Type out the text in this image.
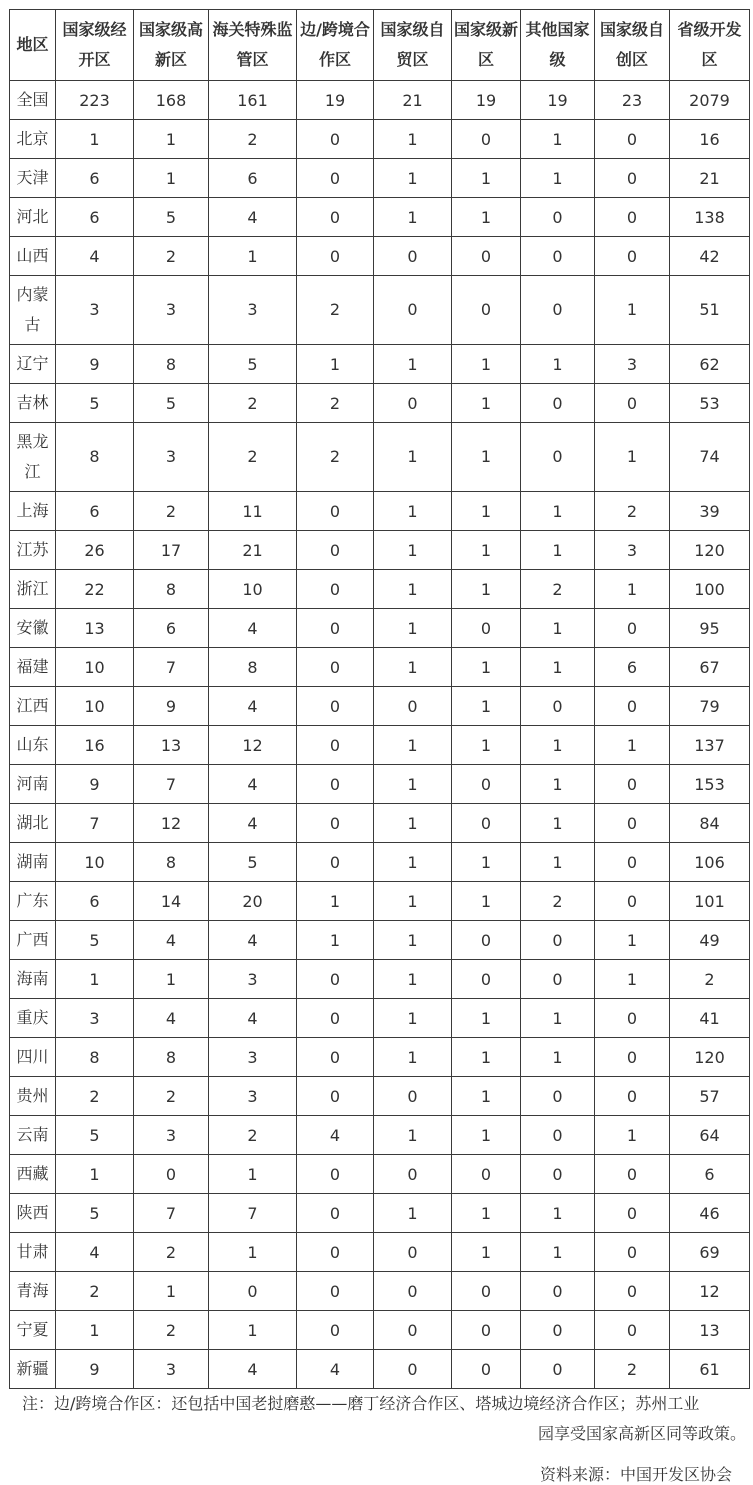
地区	国家级经开区	国家级高新区	海关特殊监管区	边/跨境合作区	国家级自贸区	国家级新区	其他国家级	国家级自创区	省级开发区
全国	223	168	161	19	21	19	19	23	2079
北京	1	1	2	0	1	0	1	0	16
天津	6	1	6	0	1	1	1	0	21
河北	6	5	4	0	1	1	0	0	138
山西	4	2	1	0	0	0	0	0	42
内蒙古	3	3	3	2	0	0	0	1	51
辽宁	9	8	5	1	1	1	1	3	62
吉林	5	5	2	2	0	1	0	0	53
黑龙江	8	3	2	2	1	1	0	1	74
上海	6	2	11	0	1	1	1	2	39
江苏	26	17	21	0	1	1	1	3	120
浙江	22	8	10	0	1	1	2	1	100
安徽	13	6	4	0	1	0	1	0	95
福建	10	7	8	0	1	1	1	6	67
江西	10	9	4	0	0	1	0	0	79
山东	16	13	12	0	1	1	1	1	137
河南	9	7	4	0	1	0	1	0	153
湖北	7	12	4	0	1	0	1	0	84
湖南	10	8	5	0	1	1	1	0	106
广东	6	14	20	1	1	1	2	0	101
广西	5	4	4	1	1	0	0	1	49
海南	1	1	3	0	1	0	0	1	2
重庆	3	4	4	0	1	1	1	0	41
四川	8	8	3	0	1	1	1	0	120
贵州	2	2	3	0	0	1	0	0	57
云南	5	3	2	4	1	1	0	1	64
西藏	1	0	1	0	0	0	0	0	6
陕西	5	7	7	0	1	1	1	0	46
甘肃	4	2	1	0	0	1	1	0	69
青海	2	1	0	0	0	0	0	0	12
宁夏	1	2	1	0	0	0	0	0	13
新疆	9	3	4	4	0	0	0	2	61
注：边/跨境合作区：还包括中国老挝磨憨——磨丁经济合作区、塔城边境经济合作区；苏州工业
园享受国家高新区同等政策。
资料来源：中国开发区协会
